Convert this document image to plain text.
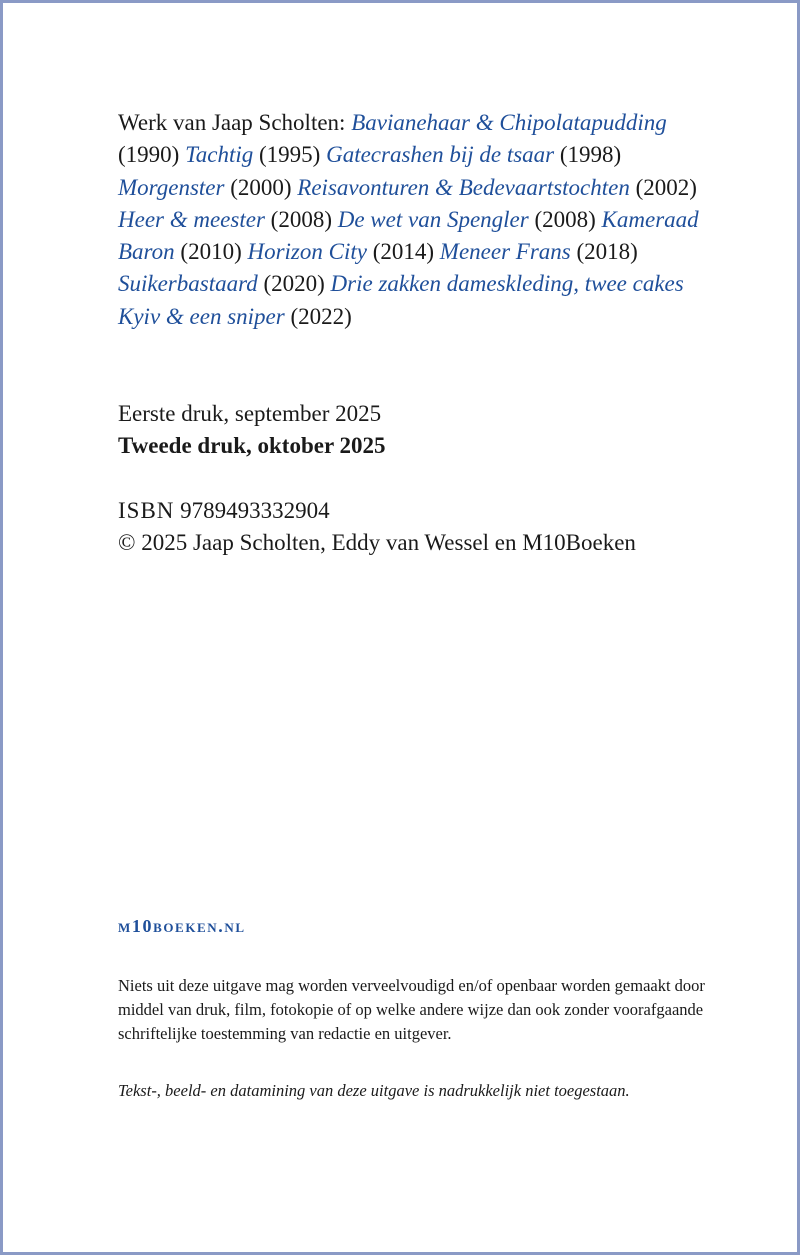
Werk van Jaap Scholten: Bavianehaar & Chipolatapudding (1990) Tachtig (1995) Gatecrashen bij de tsaar (1998) Morgenster (2000) Reisavonturen & Bedevaartstochten (2002) Heer & meester (2008) De wet van Spengler (2008) Kameraad Baron (2010) Horizon City (2014) Meneer Frans (2018) Suikerbastaard (2020) Drie zakken dameskleding, twee cakes Kyiv & een sniper (2022)
Eerste druk, september 2025
Tweede druk, oktober 2025
ISBN 9789493332904
© 2025 Jaap Scholten, Eddy van Wessel en M10Boeken
m10boeken.nl
Niets uit deze uitgave mag worden verveelvoudigd en/of openbaar worden gemaakt door middel van druk, film, fotokopie of op welke andere wijze dan ook zonder voorafgaande schriftelijke toestemming van redactie en uitgever.
Tekst-, beeld- en datamining van deze uitgave is nadrukkelijk niet toegestaan.
